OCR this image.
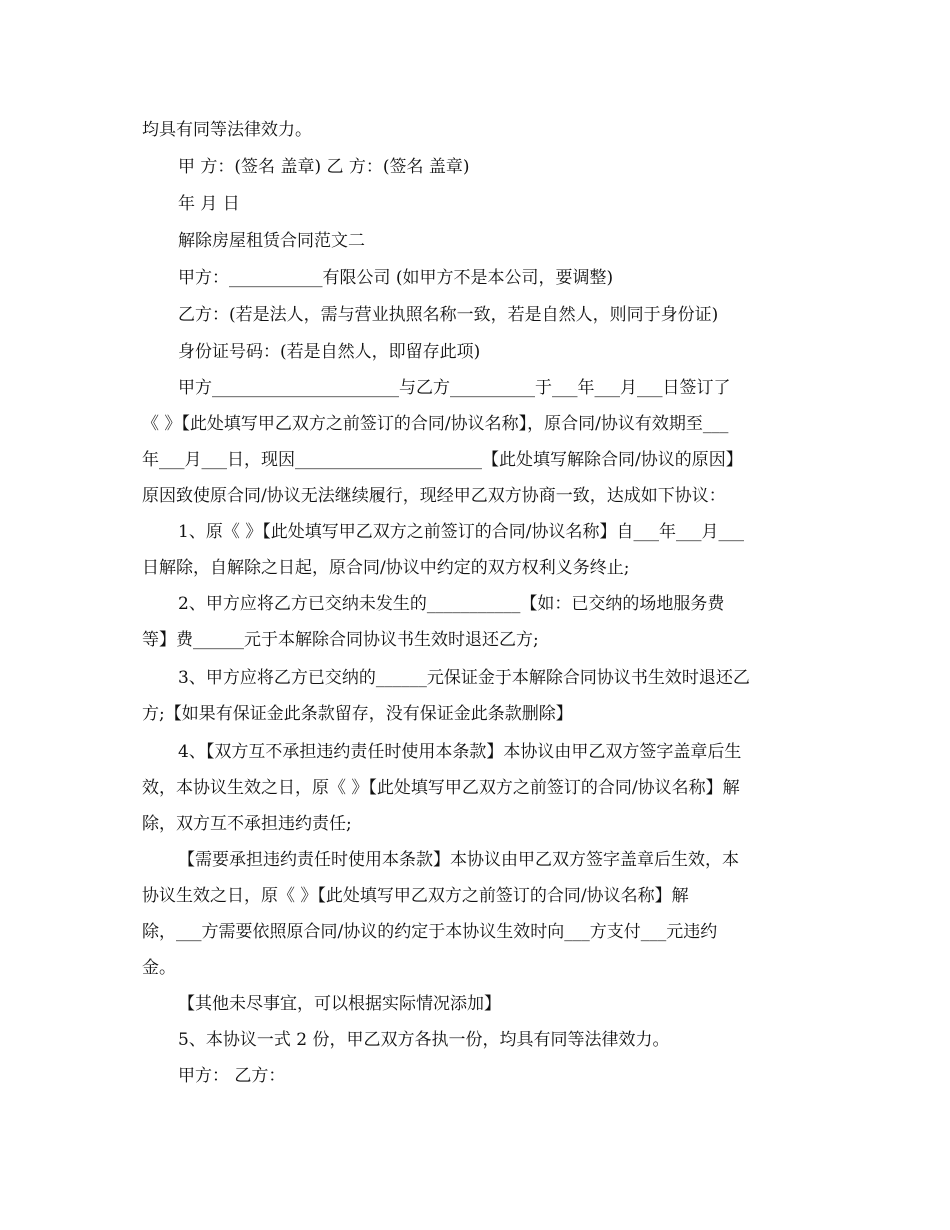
均具有同等法律效力。
甲 方：(签名 盖章) 乙 方：(签名 盖章)
年 月 日
解除房屋租赁合同范文二
甲方：___________有限公司 (如甲方不是本公司，要调整)
乙方：(若是法人，需与营业执照名称一致，若是自然人，则同于身份证)
身份证号码：(若是自然人，即留存此项)
甲方______________________与乙方__________于___年___月___日签订了
《 》【此处填写甲乙双方之前签订的合同/协议名称】，原合同/协议有效期至___
年___月___日，现因______________________【此处填写解除合同/协议的原因】
原因致使原合同/协议无法继续履行，现经甲乙双方协商一致，达成如下协议：
1、原《 》【此处填写甲乙双方之前签订的合同/协议名称】自___年___月___
日解除，自解除之日起，原合同/协议中约定的双方权利义务终止;
2、甲方应将乙方已交纳未发生的___________【如：已交纳的场地服务费
等】费______元于本解除合同协议书生效时退还乙方;
3、甲方应将乙方已交纳的______元保证金于本解除合同协议书生效时退还乙
方;【如果有保证金此条款留存，没有保证金此条款删除】
4、【双方互不承担违约责任时使用本条款】本协议由甲乙双方签字盖章后生
效，本协议生效之日，原《 》【此处填写甲乙双方之前签订的合同/协议名称】解
除，双方互不承担违约责任;
【需要承担违约责任时使用本条款】本协议由甲乙双方签字盖章后生效，本
协议生效之日，原《 》【此处填写甲乙双方之前签订的合同/协议名称】解
除，___方需要依照原合同/协议的约定于本协议生效时向___方支付___元违约
金。
【其他未尽事宜，可以根据实际情况添加】
5、本协议一式 2 份，甲乙双方各执一份，均具有同等法律效力。
甲方： 乙方：
